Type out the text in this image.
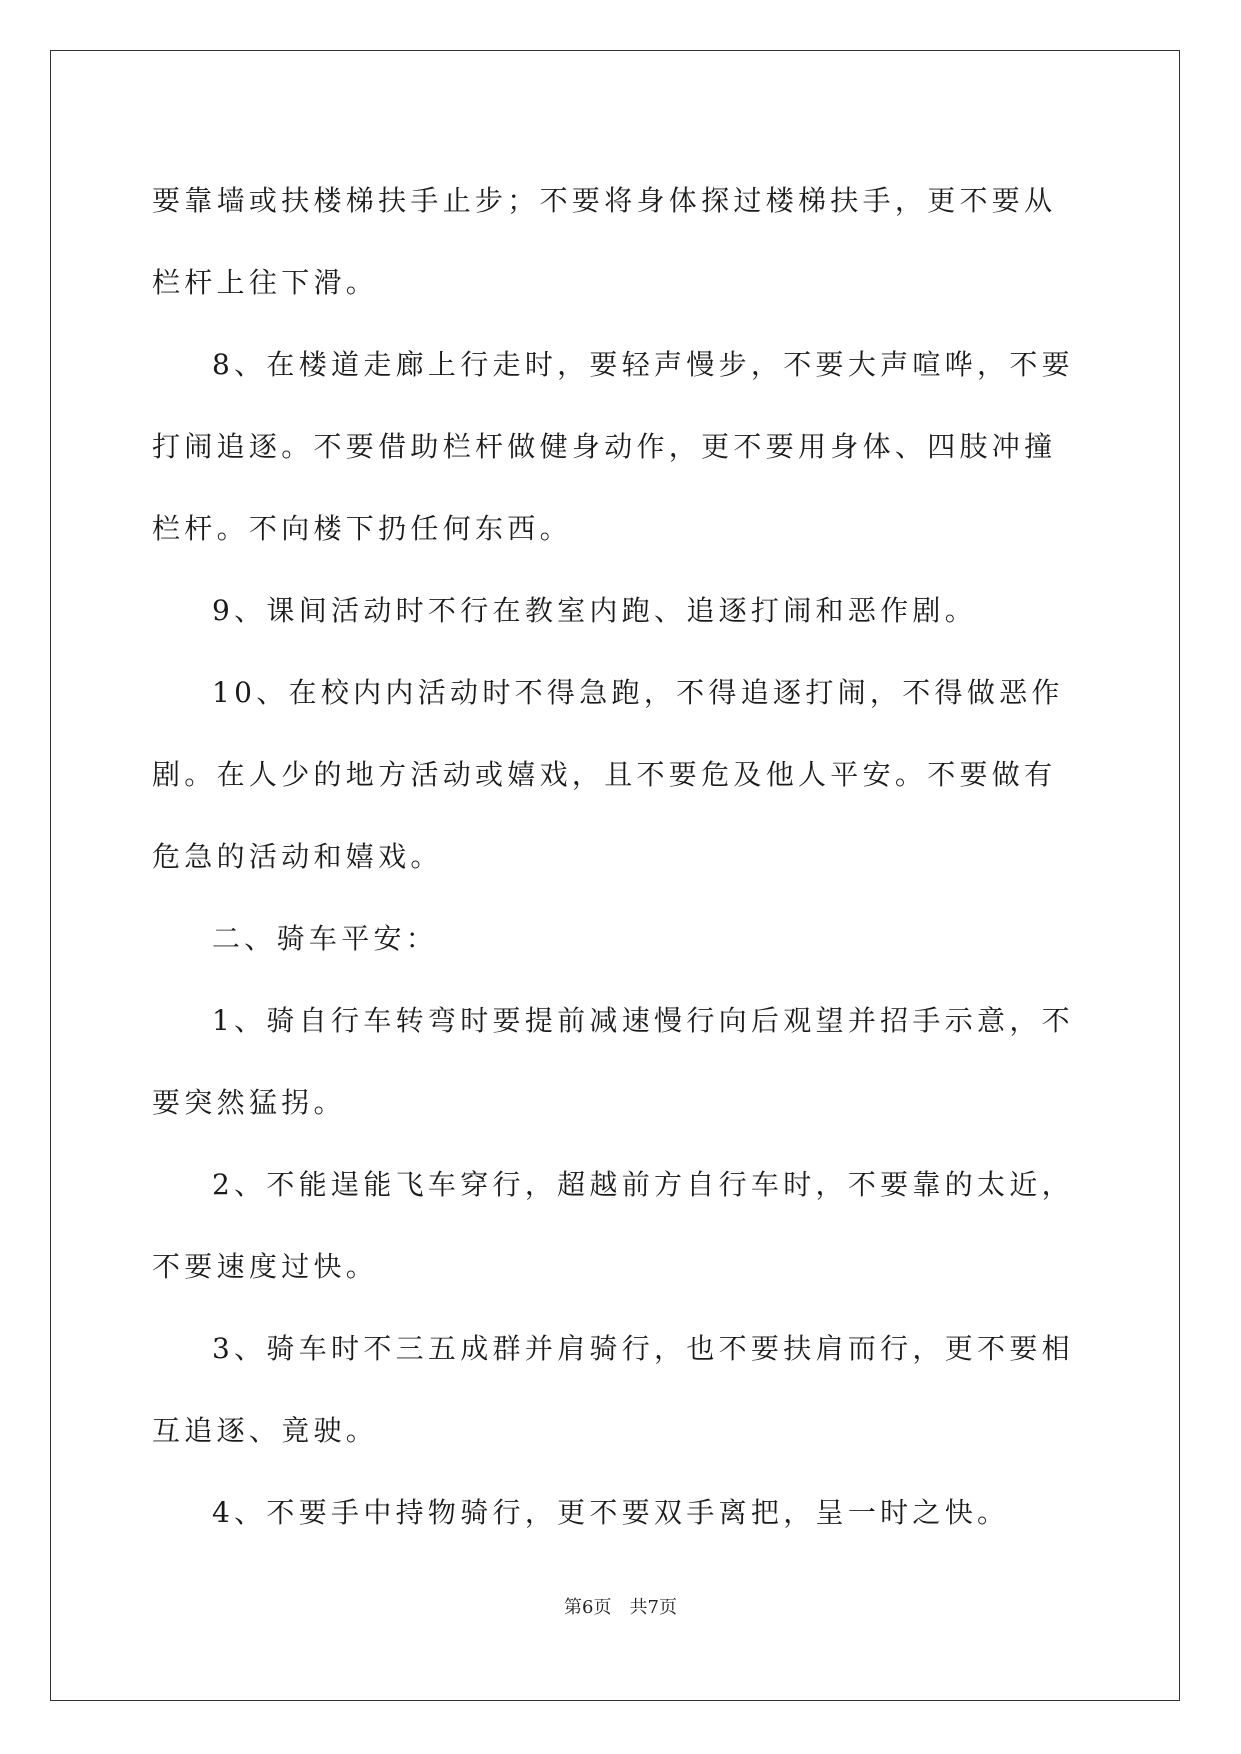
要靠墙或扶楼梯扶手止步；不要将身体探过楼梯扶手，更不要从栏杆上往下滑。

8、在楼道走廊上行走时，要轻声慢步，不要大声喧哗，不要打闹追逐。不要借助栏杆做健身动作，更不要用身体、四肢冲撞栏杆。不向楼下扔任何东西。

9、课间活动时不行在教室内跑、追逐打闹和恶作剧。

10、在校内内活动时不得急跑，不得追逐打闹，不得做恶作剧。在人少的地方活动或嬉戏，且不要危及他人平安。不要做有危急的活动和嬉戏。

二、骑车平安：

1、骑自行车转弯时要提前减速慢行向后观望并招手示意，不要突然猛拐。

2、不能逞能飞车穿行，超越前方自行车时，不要靠的太近，不要速度过快。

3、骑车时不三五成群并肩骑行，也不要扶肩而行，更不要相互追逐、竟驶。

4、不要手中持物骑行，更不要双手离把，呈一时之快。

第6页 共7页
